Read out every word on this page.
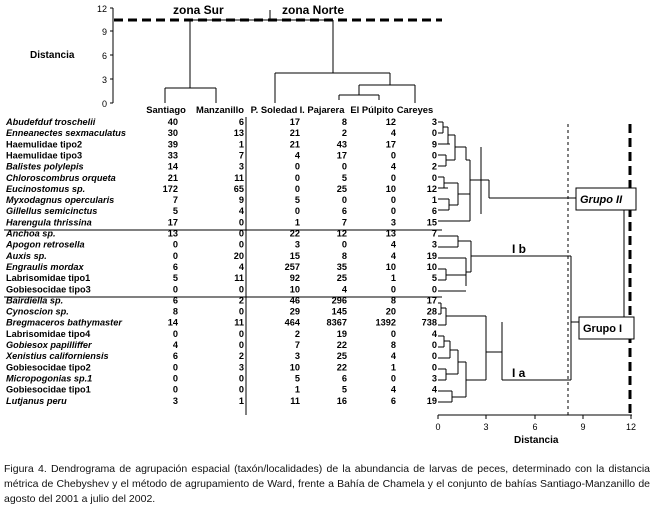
12
9
6
3
0
Distancia
zona Sur	zona Norte
Santiago Manzanillo P. Soledad I. Pajarera El Púlpito Careyes
Abudefduf troschelii	40	6	17	8	12	3
Enneanectes sexmaculatus	30	13	21	2	4	0
Haemulidae tipo2	39	1	21	43	17	9
Haemulidae tipo3	33	7	4	17	0	0
Balistes polylepis	14	3	0	0	4	2
Chloroscombrus orqueta	21	11	0	5	0	0
Eucinostomus sp.	172	65	0	25	10	12
Myxodagnus opercularis	7	9	5	0	0	1
Gillellus semicinctus	5	4	0	6	0	6
Harengula thrissina	17	0	1	7	3	15
Anchoa sp.	13	0	22	12	13	7
Apogon retrosella	0	0	3	0	4	3
Auxis sp.	0	20	15	8	4	19
Engraulis mordax	6	4	257	35	10	10
Labrisomidae tipo1	5	11	92	25	1	5
Gobiesocidae tipo3	0	0	10	4	0	0
Bairdiella sp.	6	2	46	296	8	17
Cynoscion sp.	8	0	29	145	20	28
Bregmaceros bathymaster	14	11	464	8367	1392	738
Labrisomidae tipo4	0	0	2	19	0	4
Gobiesox papilliffer	4	0	7	22	8	0
Xenistius californiensis	6	2	3	25	4	0
Gobiesocidae tipo2	0	3	10	22	1	0
Micropogonias sp.1	0	0	5	6	0	3
Gobiesocidae tipo1	0	0	1	5	4	4
Lutjanus peru	3	1	11	16	6	19
Grupo II
Grupo I
I b
I a
0	3	6	9	12
Distancia
Figura 4. Dendrograma de agrupación espacial (taxón/localidades) de la abundancia de larvas de peces, determinado con la distancia métrica de Chebyshev y el método de agrupamiento de Ward, frente a Bahía de Chamela y el conjunto de bahías Santiago-Manzanillo de agosto del 2001 a julio del 2002.
